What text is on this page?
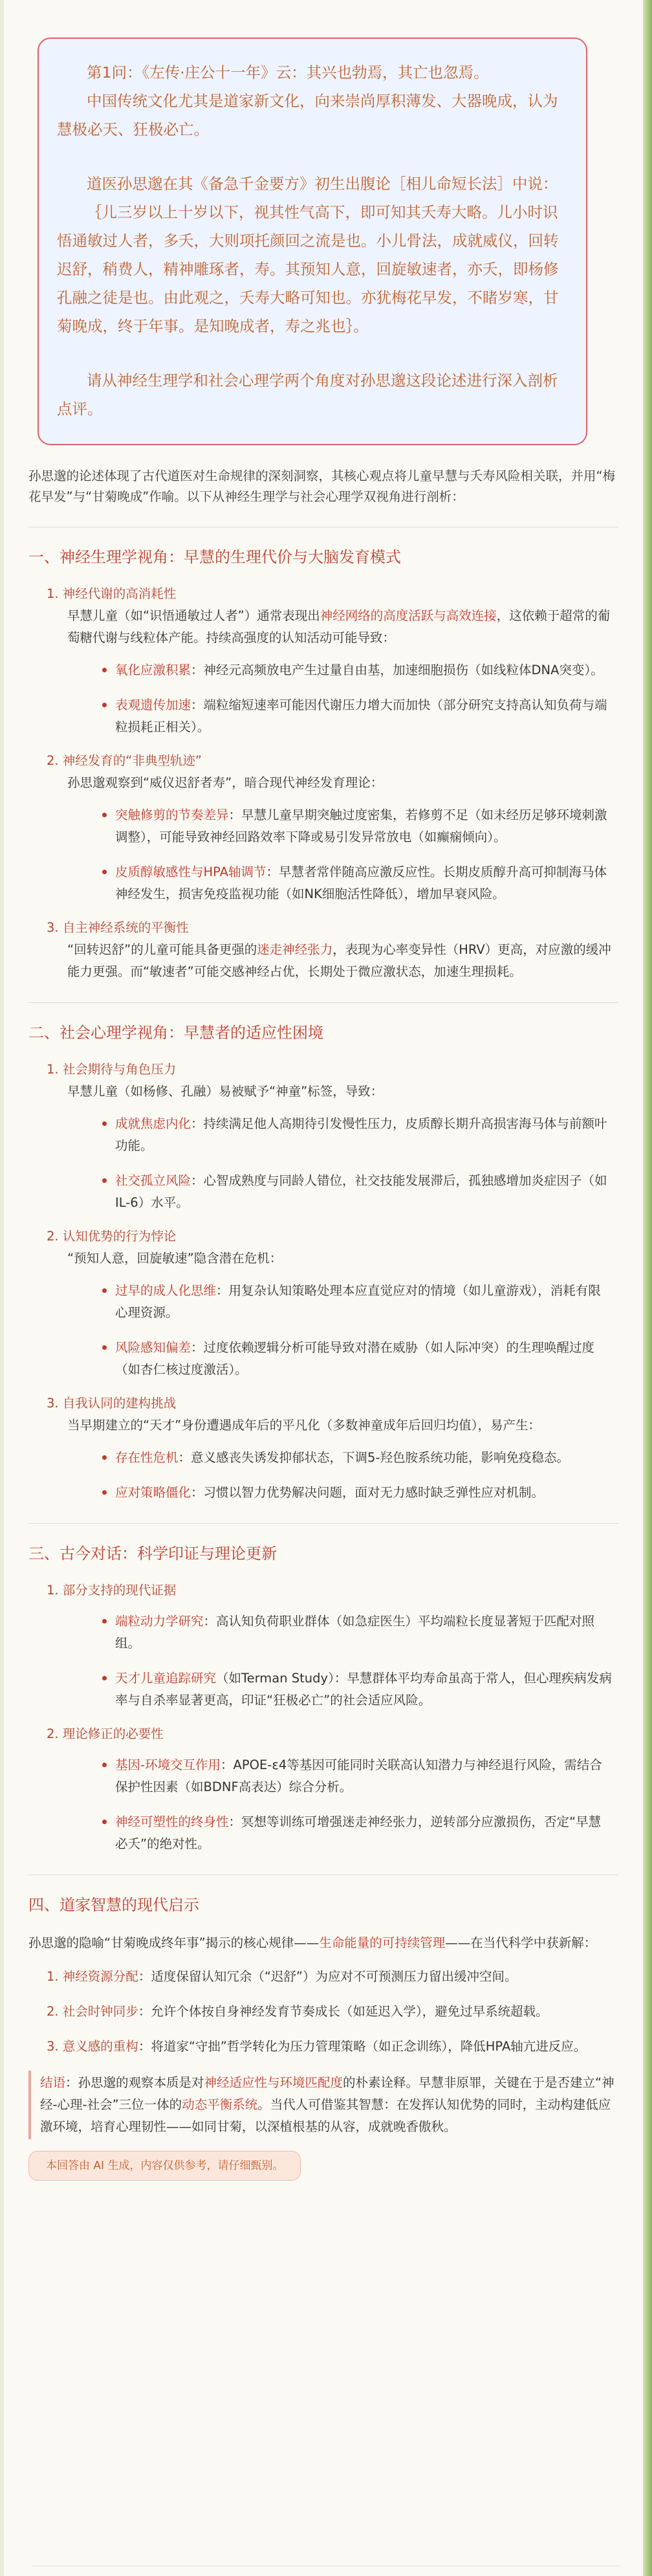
第1问：《左传·庄公十一年》云：其兴也勃焉，其亡也忽焉。

中国传统文化尤其是道家新文化，向来崇尚厚积薄发、大器晚成，认为慧极必天、狂极必亡。

道医孙思邈在其《备急千金要方》初生出腹论［相儿命短长法］中说：

｛儿三岁以上十岁以下，视其性气高下，即可知其夭寿大略。儿小时识悟通敏过人者，多夭，大则项托颜回之流是也。小儿骨法，成就威仪，回转迟舒，稍费人，精神雕琢者，寿。其预知人意，回旋敏速者，亦夭，即杨修孔融之徒是也。由此观之，夭寿大略可知也。亦犹梅花早发，不睹岁寒，甘菊晚成，终于年事。是知晚成者，寿之兆也｝。

请从神经生理学和社会心理学两个角度对孙思邈这段论述进行深入剖析点评。

孙思邈的论述体现了古代道医对生命规律的深刻洞察，其核心观点将儿童早慧与夭寿风险相关联，并用“梅花早发”与“甘菊晚成”作喻。以下从神经生理学与社会心理学双视角进行剖析：

一、神经生理学视角：早慧的生理代价与大脑发育模式
1. 神经代谢的高消耗性
早慧儿童（如“识悟通敏过人者”）通常表现出神经网络的高度活跃与高效连接，这依赖于超常的葡萄糖代谢与线粒体产能。持续高强度的认知活动可能导致：
氧化应激积累：神经元高频放电产生过量自由基，加速细胞损伤（如线粒体DNA突变）。
表观遗传加速：端粒缩短速率可能因代谢压力增大而加快（部分研究支持高认知负荷与端粒损耗正相关）。
2. 神经发育的“非典型轨迹”
孙思邈观察到“威仪迟舒者寿”，暗合现代神经发育理论：
突触修剪的节奏差异：早慧儿童早期突触过度密集，若修剪不足（如未经历足够环境刺激调整），可能导致神经回路效率下降或易引发异常放电（如癫痫倾向）。
皮质醇敏感性与HPA轴调节：早慧者常伴随高应激反应性。长期皮质醇升高可抑制海马体神经发生，损害免疫监视功能（如NK细胞活性降低），增加早衰风险。
3. 自主神经系统的平衡性
“回转迟舒”的儿童可能具备更强的迷走神经张力，表现为心率变异性（HRV）更高，对应激的缓冲能力更强。而“敏速者”可能交感神经占优，长期处于微应激状态，加速生理损耗。
二、社会心理学视角：早慧者的适应性困境
1. 社会期待与角色压力
早慧儿童（如杨修、孔融）易被赋予“神童”标签，导致：
成就焦虑内化：持续满足他人高期待引发慢性压力，皮质醇长期升高损害海马体与前额叶功能。
社交孤立风险：心智成熟度与同龄人错位，社交技能发展滞后，孤独感增加炎症因子（如IL-6）水平。
2. 认知优势的行为悖论
“预知人意，回旋敏速”隐含潜在危机：
过早的成人化思维：用复杂认知策略处理本应直觉应对的情境（如儿童游戏），消耗有限心理资源。
风险感知偏差：过度依赖逻辑分析可能导致对潜在威胁（如人际冲突）的生理唤醒过度（如杏仁核过度激活）。
3. 自我认同的建构挑战
当早期建立的“天才”身份遭遇成年后的平凡化（多数神童成年后回归均值），易产生：
存在性危机：意义感丧失诱发抑郁状态，下调5-羟色胺系统功能，影响免疫稳态。
应对策略僵化：习惯以智力优势解决问题，面对无力感时缺乏弹性应对机制。
三、古今对话：科学印证与理论更新
1. 部分支持的现代证据
端粒动力学研究：高认知负荷职业群体（如急症医生）平均端粒长度显著短于匹配对照组。
天才儿童追踪研究（如Terman Study）：早慧群体平均寿命虽高于常人，但心理疾病发病率与自杀率显著更高，印证“狂极必亡”的社会适应风险。
2. 理论修正的必要性
基因-环境交互作用：APOE-ε4等基因可能同时关联高认知潜力与神经退行风险，需结合保护性因素（如BDNF高表达）综合分析。
神经可塑性的终身性：冥想等训练可增强迷走神经张力，逆转部分应激损伤，否定“早慧必夭”的绝对性。
四、道家智慧的现代启示

孙思邈的隐喻“甘菊晚成终年事”揭示的核心规律——生命能量的可持续管理——在当代科学中获新解：

1. 神经资源分配：适度保留认知冗余（“迟舒”）为应对不可预测压力留出缓冲空间。
2. 社会时钟同步：允许个体按自身神经发育节奏成长（如延迟入学），避免过早系统超载。
3. 意义感的重构：将道家“守拙”哲学转化为压力管理策略（如正念训练），降低HPA轴亢进反应。
结语：孙思邈的观察本质是对神经适应性与环境匹配度的朴素诠释。早慧非原罪，关键在于是否建立“神经-心理-社会”三位一体的动态平衡系统。当代人可借鉴其智慧：在发挥认知优势的同时，主动构建低应激环境，培育心理韧性——如同甘菊，以深植根基的从容，成就晚香傲秋。
本回答由 AI 生成，内容仅供参考，请仔细甄别。
